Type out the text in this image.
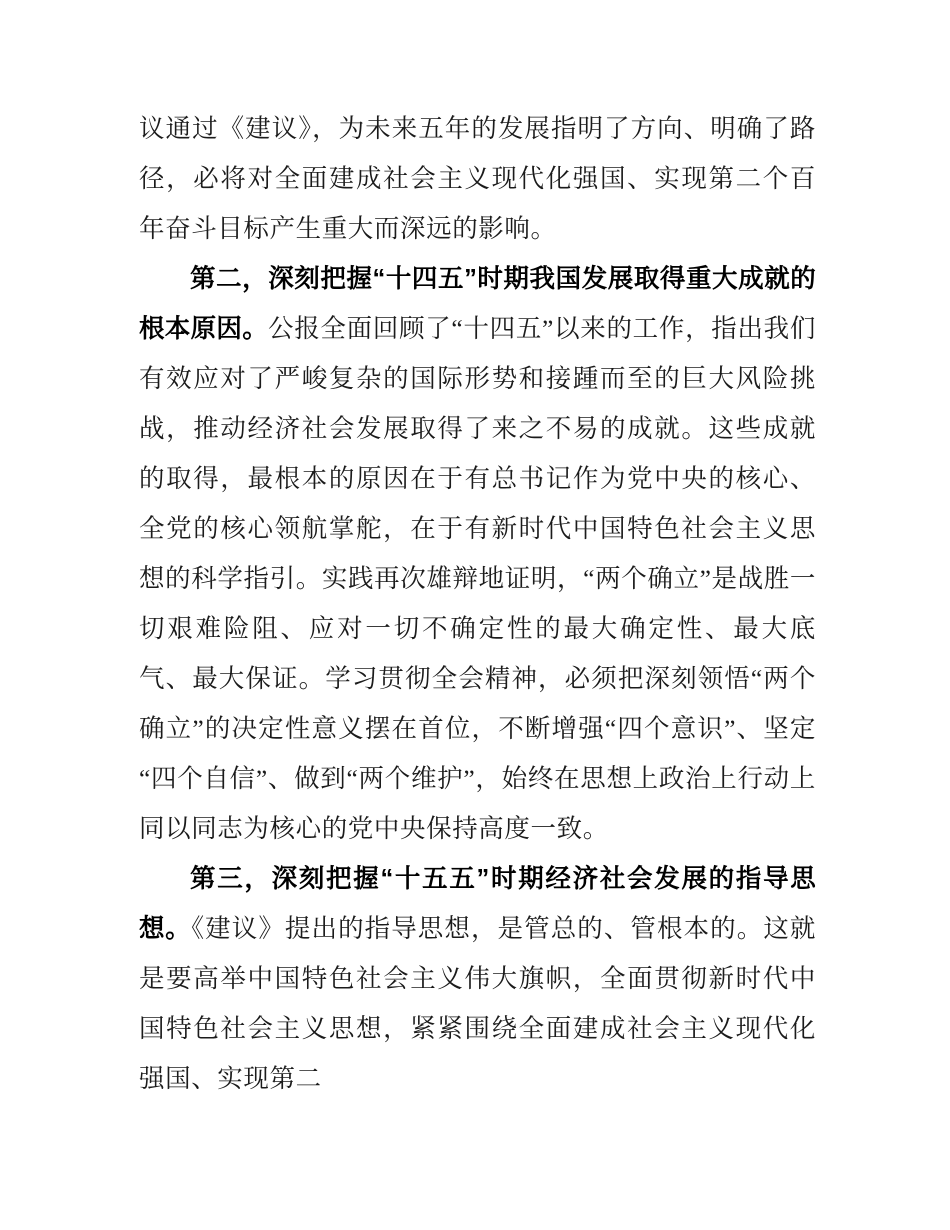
议通过《建议》，为未来五年的发展指明了方向、明确了路径，必将对全面建成社会主义现代化强国、实现第二个百年奋斗目标产生重大而深远的影响。

第二，深刻把握“十四五”时期我国发展取得重大成就的根本原因。公报全面回顾了“十四五”以来的工作，指出我们有效应对了严峻复杂的国际形势和接踵而至的巨大风险挑战，推动经济社会发展取得了来之不易的成就。这些成就的取得，最根本的原因在于有总书记作为党中央的核心、全党的核心领航掌舵，在于有新时代中国特色社会主义思想的科学指引。实践再次雄辩地证明，“两个确立”是战胜一切艰难险阻、应对一切不确定性的最大确定性、最大底气、最大保证。学习贯彻全会精神，必须把深刻领悟“两个确立”的决定性意义摆在首位，不断增强“四个意识”、坚定“四个自信”、做到“两个维护”，始终在思想上政治上行动上同以同志为核心的党中央保持高度一致。

第三，深刻把握“十五五”时期经济社会发展的指导思想。《建议》提出的指导思想，是管总的、管根本的。这就是要高举中国特色社会主义伟大旗帜，全面贯彻新时代中国特色社会主义思想，紧紧围绕全面建成社会主义现代化强国、实现第二
